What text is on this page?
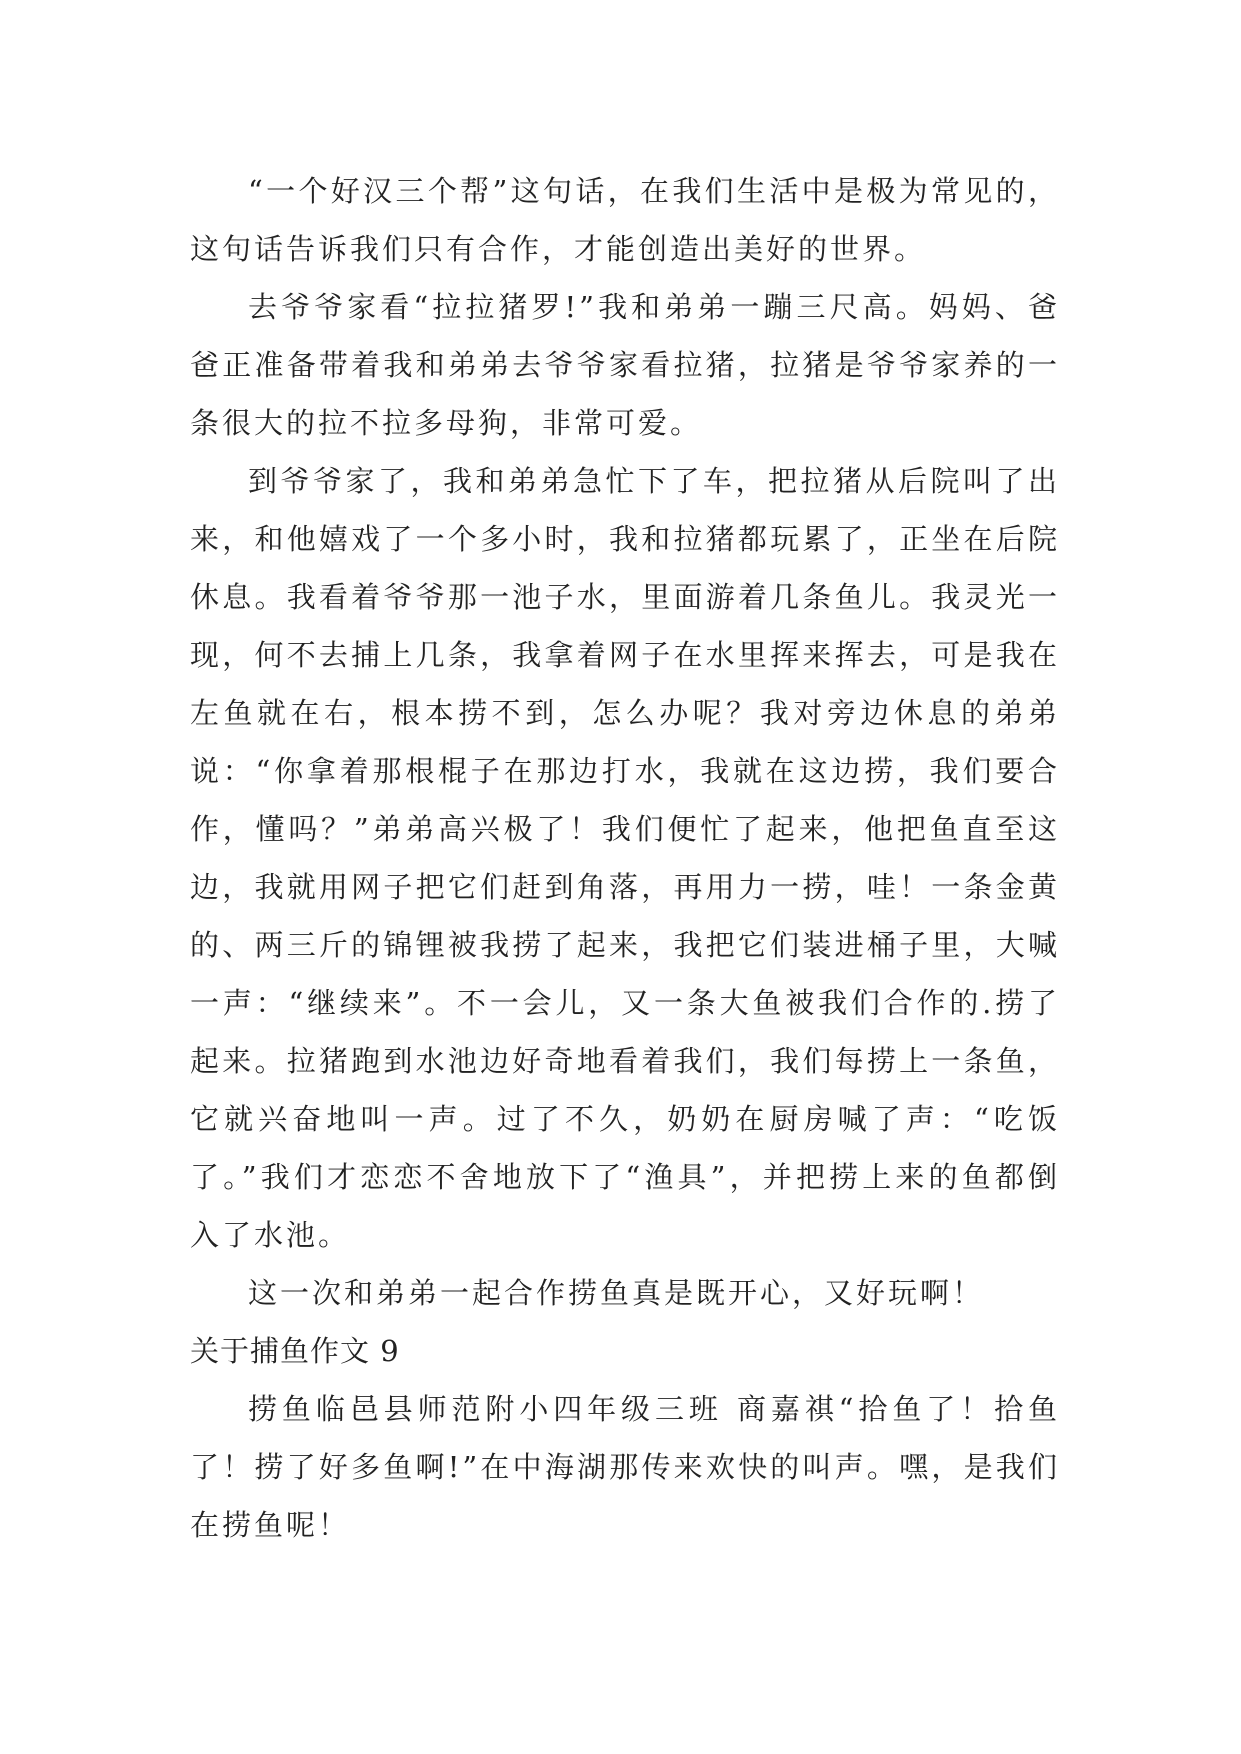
“一个好汉三个帮”这句话，在我们生活中是极为常见的，这句话告诉我们只有合作，才能创造出美好的世界。

去爷爷家看“拉拉猪罗!”我和弟弟一蹦三尺高。妈妈、爸爸正准备带着我和弟弟去爷爷家看拉猪，拉猪是爷爷家养的一条很大的拉不拉多母狗，非常可爱。

到爷爷家了，我和弟弟急忙下了车，把拉猪从后院叫了出来，和他嬉戏了一个多小时，我和拉猪都玩累了，正坐在后院休息。我看着爷爷那一池子水，里面游着几条鱼儿。我灵光一现，何不去捕上几条，我拿着网子在水里挥来挥去，可是我在左鱼就在右，根本捞不到，怎么办呢？我对旁边休息的弟弟说：“你拿着那根棍子在那边打水，我就在这边捞，我们要合作，懂吗？”弟弟高兴极了！我们便忙了起来，他把鱼直至这边，我就用网子把它们赶到角落，再用力一捞，哇！一条金黄的、两三斤的锦锂被我捞了起来，我把它们装进桶子里，大喊一声：“继续来”。不一会儿，又一条大鱼被我们合作的.捞了起来。拉猪跑到水池边好奇地看着我们，我们每捞上一条鱼，它就兴奋地叫一声。过了不久，奶奶在厨房喊了声：“吃饭了。”我们才恋恋不舍地放下了“渔具”，并把捞上来的鱼都倒入了水池。

这一次和弟弟一起合作捞鱼真是既开心，又好玩啊！

关于捕鱼作文 9

捞鱼临邑县师范附小四年级三班 商嘉祺“拾鱼了！拾鱼了！捞了好多鱼啊!”在中海湖那传来欢快的叫声。嘿，是我们在捞鱼呢！
